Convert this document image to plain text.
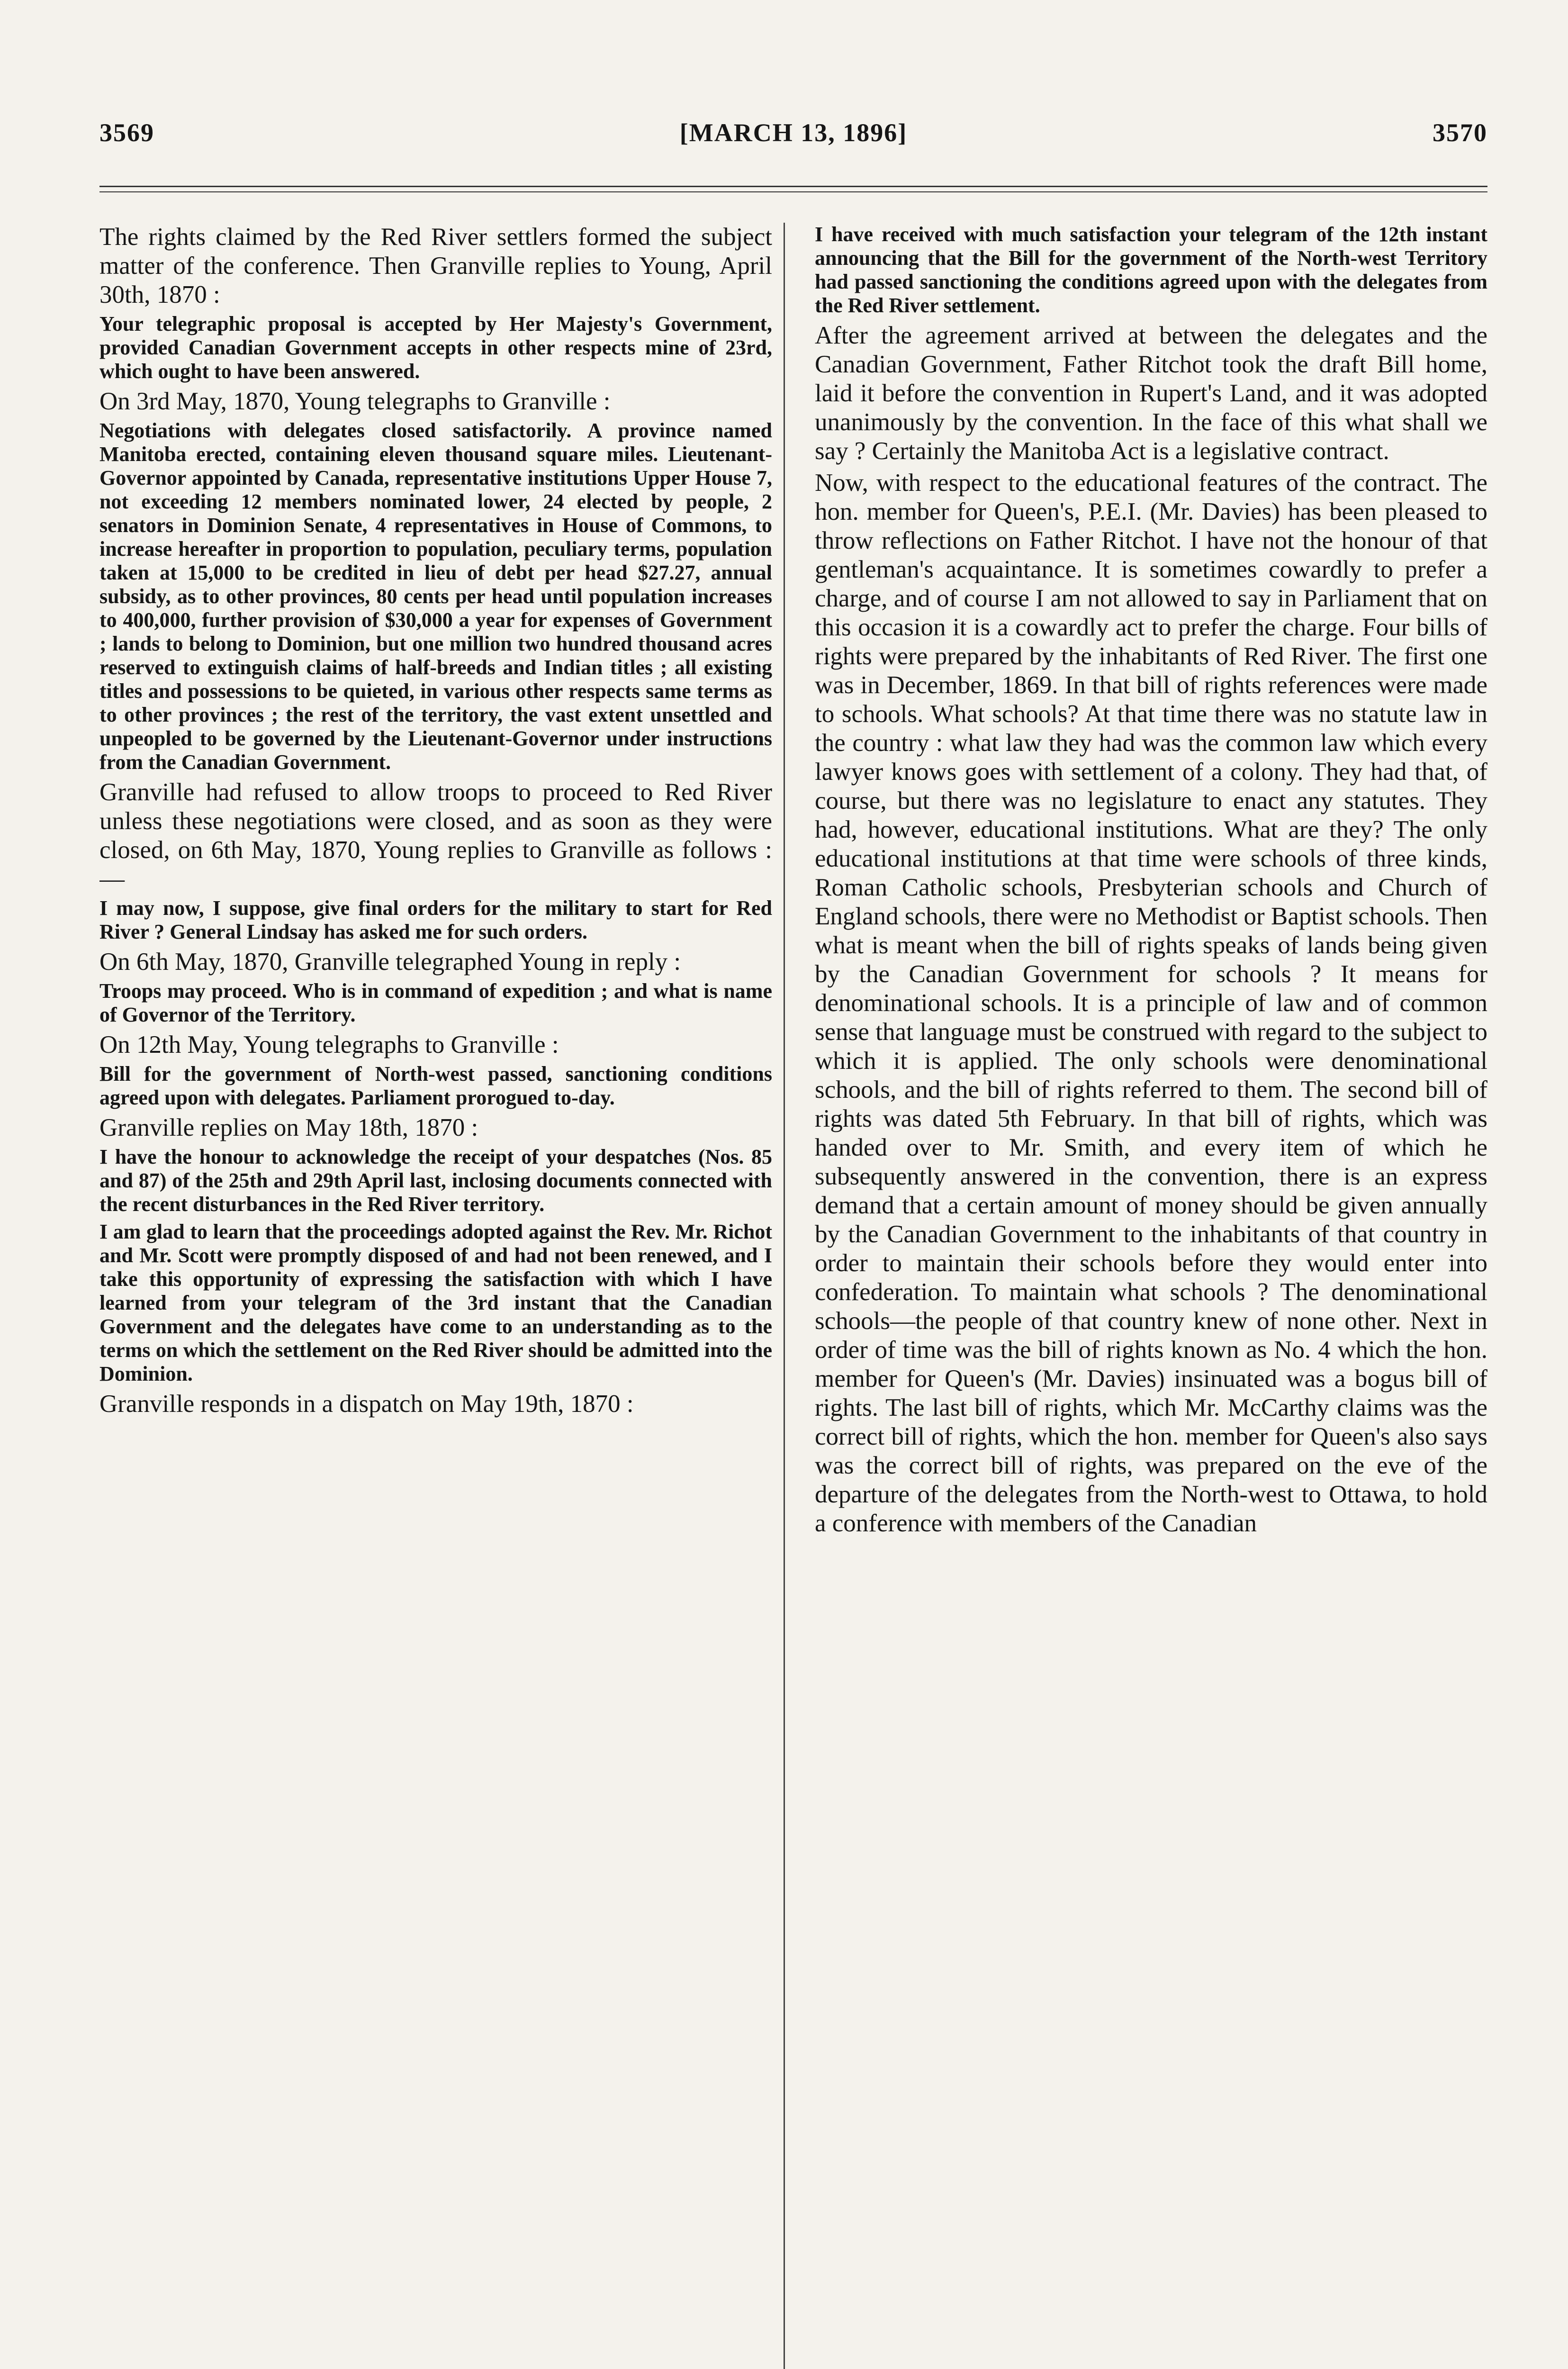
3569	[MARCH 13, 1896]	3570

The rights claimed by the Red River settlers formed the subject matter of the conference. Then Granville replies to Young, April 30th, 1870 :

Your telegraphic proposal is accepted by Her Majesty's Government, provided Canadian Government accepts in other respects mine of 23rd, which ought to have been answered.

On 3rd May, 1870, Young telegraphs to Granville :

Negotiations with delegates closed satisfactorily. A province named Manitoba erected, containing eleven thousand square miles. Lieutenant-Governor appointed by Canada, representative institutions Upper House 7, not exceeding 12 members nominated lower, 24 elected by people, 2 senators in Dominion Senate, 4 representatives in House of Commons, to increase hereafter in proportion to population, peculiary terms, population taken at 15,000 to be credited in lieu of debt per head $27.27, annual subsidy, as to other provinces, 80 cents per head until population increases to 400,000, further provision of $30,000 a year for expenses of Government ; lands to belong to Dominion, but one million two hundred thousand acres reserved to extinguish claims of half-breeds and Indian titles ; all existing titles and possessions to be quieted, in various other respects same terms as to other provinces ; the rest of the territory, the vast extent unsettled and unpeopled to be governed by the Lieutenant-Governor under instructions from the Canadian Government.

Granville had refused to allow troops to proceed to Red River unless these negotiations were closed, and as soon as they were closed, on 6th May, 1870, Young replies to Granville as follows :—

I may now, I suppose, give final orders for the military to start for Red River ? General Lindsay has asked me for such orders.

On 6th May, 1870, Granville telegraphed Young in reply :

Troops may proceed. Who is in command of expedition ; and what is name of Governor of the Territory.

On 12th May, Young telegraphs to Granville :

Bill for the government of North-west passed, sanctioning conditions agreed upon with delegates. Parliament prorogued to-day.

Granville replies on May 18th, 1870 :

I have the honour to acknowledge the receipt of your despatches (Nos. 85 and 87) of the 25th and 29th April last, inclosing documents connected with the recent disturbances in the Red River territory.

I am glad to learn that the proceedings adopted against the Rev. Mr. Richot and Mr. Scott were promptly disposed of and had not been renewed, and I take this opportunity of expressing the satisfaction with which I have learned from your telegram of the 3rd instant that the Canadian Government and the delegates have come to an understanding as to the terms on which the settlement on the Red River should be admitted into the Dominion.

Granville responds in a dispatch on May 19th, 1870 :

I have received with much satisfaction your telegram of the 12th instant announcing that the Bill for the government of the North-west Territory had passed sanctioning the conditions agreed upon with the delegates from the Red River settlement.

After the agreement arrived at between the delegates and the Canadian Government, Father Ritchot took the draft Bill home, laid it before the convention in Rupert's Land, and it was adopted unanimously by the convention. In the face of this what shall we say ? Certainly the Manitoba Act is a legislative contract.

Now, with respect to the educational features of the contract. The hon. member for Queen's, P.E.I. (Mr. Davies) has been pleased to throw reflections on Father Ritchot. I have not the honour of that gentleman's acquaintance. It is sometimes cowardly to prefer a charge, and of course I am not allowed to say in Parliament that on this occasion it is a cowardly act to prefer the charge. Four bills of rights were prepared by the inhabitants of Red River. The first one was in December, 1869. In that bill of rights references were made to schools. What schools? At that time there was no statute law in the country : what law they had was the common law which every lawyer knows goes with settlement of a colony. They had that, of course, but there was no legislature to enact any statutes. They had, however, educational institutions. What are they? The only educational institutions at that time were schools of three kinds, Roman Catholic schools, Presbyterian schools and Church of England schools, there were no Methodist or Baptist schools. Then what is meant when the bill of rights speaks of lands being given by the Canadian Government for schools ? It means for denominational schools. It is a principle of law and of common sense that language must be construed with regard to the subject to which it is applied. The only schools were denominational schools, and the bill of rights referred to them. The second bill of rights was dated 5th February. In that bill of rights, which was handed over to Mr. Smith, and every item of which he subsequently answered in the convention, there is an express demand that a certain amount of money should be given annually by the Canadian Government to the inhabitants of that country in order to maintain their schools before they would enter into confederation. To maintain what schools ? The denominational schools—the people of that country knew of none other. Next in order of time was the bill of rights known as No. 4 which the hon. member for Queen's (Mr. Davies) insinuated was a bogus bill of rights. The last bill of rights, which Mr. McCarthy claims was the correct bill of rights, which the hon. member for Queen's also says was the correct bill of rights, was prepared on the eve of the departure of the delegates from the North-west to Ottawa, to hold a conference with members of the Canadian
